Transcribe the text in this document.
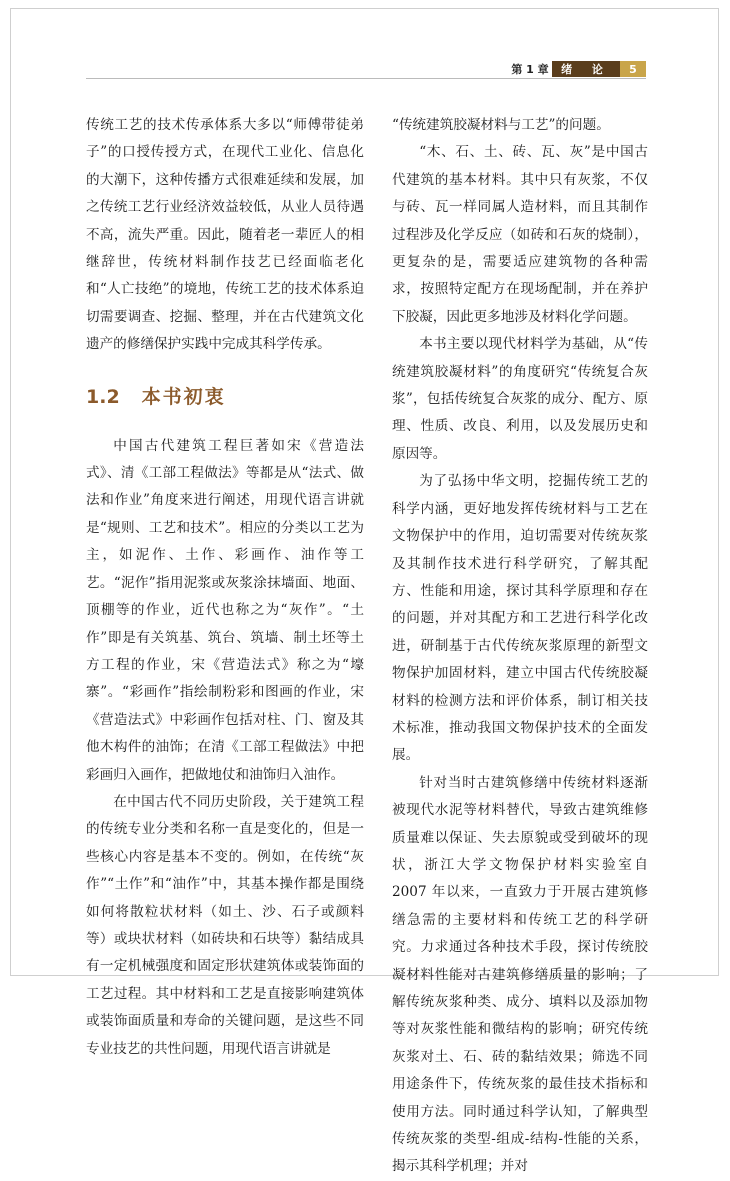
第 1 章	绪 论	5

传统工艺的技术传承体系大多以“师傅带徒弟子”的口授传授方式，在现代工业化、信息化的大潮下，这种传播方式很难延续和发展，加之传统工艺行业经济效益较低，从业人员待遇不高，流失严重。因此，随着老一辈匠人的相继辞世，传统材料制作技艺已经面临老化和“人亡技绝”的境地，传统工艺的技术体系迫切需要调查、挖掘、整理，并在古代建筑文化遗产的修缮保护实践中完成其科学传承。

1.2 本书初衷

中国古代建筑工程巨著如宋《营造法式》、清《工部工程做法》等都是从“法式、做法和作业”角度来进行阐述，用现代语言讲就是“规则、工艺和技术”。相应的分类以工艺为主，如泥作、土作、彩画作、油作等工艺。“泥作”指用泥浆或灰浆涂抹墙面、地面、顶棚等的作业，近代也称之为“灰作”。“土作”即是有关筑基、筑台、筑墙、制土坯等土方工程的作业，宋《营造法式》称之为“壕寨”。“彩画作”指绘制粉彩和图画的作业，宋《营造法式》中彩画作包括对柱、门、窗及其他木构件的油饰；在清《工部工程做法》中把彩画归入画作，把做地仗和油饰归入油作。

在中国古代不同历史阶段，关于建筑工程的传统专业分类和名称一直是变化的，但是一些核心内容是基本不变的。例如，在传统“灰作”“土作”和“油作”中，其基本操作都是围绕如何将散粒状材料（如土、沙、石子或颜料等）或块状材料（如砖块和石块等）黏结成具有一定机械强度和固定形状建筑体或装饰面的工艺过程。其中材料和工艺是直接影响建筑体或装饰面质量和寿命的关键问题，是这些不同专业技艺的共性问题，用现代语言讲就是

“传统建筑胶凝材料与工艺”的问题。

“木、石、土、砖、瓦、灰”是中国古代建筑的基本材料。其中只有灰浆，不仅与砖、瓦一样同属人造材料，而且其制作过程涉及化学反应（如砖和石灰的烧制），更复杂的是，需要适应建筑物的各种需求，按照特定配方在现场配制，并在养护下胶凝，因此更多地涉及材料化学问题。

本书主要以现代材料学为基础，从“传统建筑胶凝材料”的角度研究“传统复合灰浆”，包括传统复合灰浆的成分、配方、原理、性质、改良、利用，以及发展历史和原因等。

为了弘扬中华文明，挖掘传统工艺的科学内涵，更好地发挥传统材料与工艺在文物保护中的作用，迫切需要对传统灰浆及其制作技术进行科学研究，了解其配方、性能和用途，探讨其科学原理和存在的问题，并对其配方和工艺进行科学化改进，研制基于古代传统灰浆原理的新型文物保护加固材料，建立中国古代传统胶凝材料的检测方法和评价体系，制订相关技术标准，推动我国文物保护技术的全面发展。

针对当时古建筑修缮中传统材料逐渐被现代水泥等材料替代，导致古建筑维修质量难以保证、失去原貌或受到破坏的现状，浙江大学文物保护材料实验室自 2007 年以来，一直致力于开展古建筑修缮急需的主要材料和传统工艺的科学研究。力求通过各种技术手段，探讨传统胶凝材料性能对古建筑修缮质量的影响；了解传统灰浆种类、成分、填料以及添加物等对灰浆性能和微结构的影响；研究传统灰浆对土、石、砖的黏结效果；筛选不同用途条件下，传统灰浆的最佳技术指标和使用方法。同时通过科学认知，了解典型传统灰浆的类型-组成-结构-性能的关系，揭示其科学机理；并对
